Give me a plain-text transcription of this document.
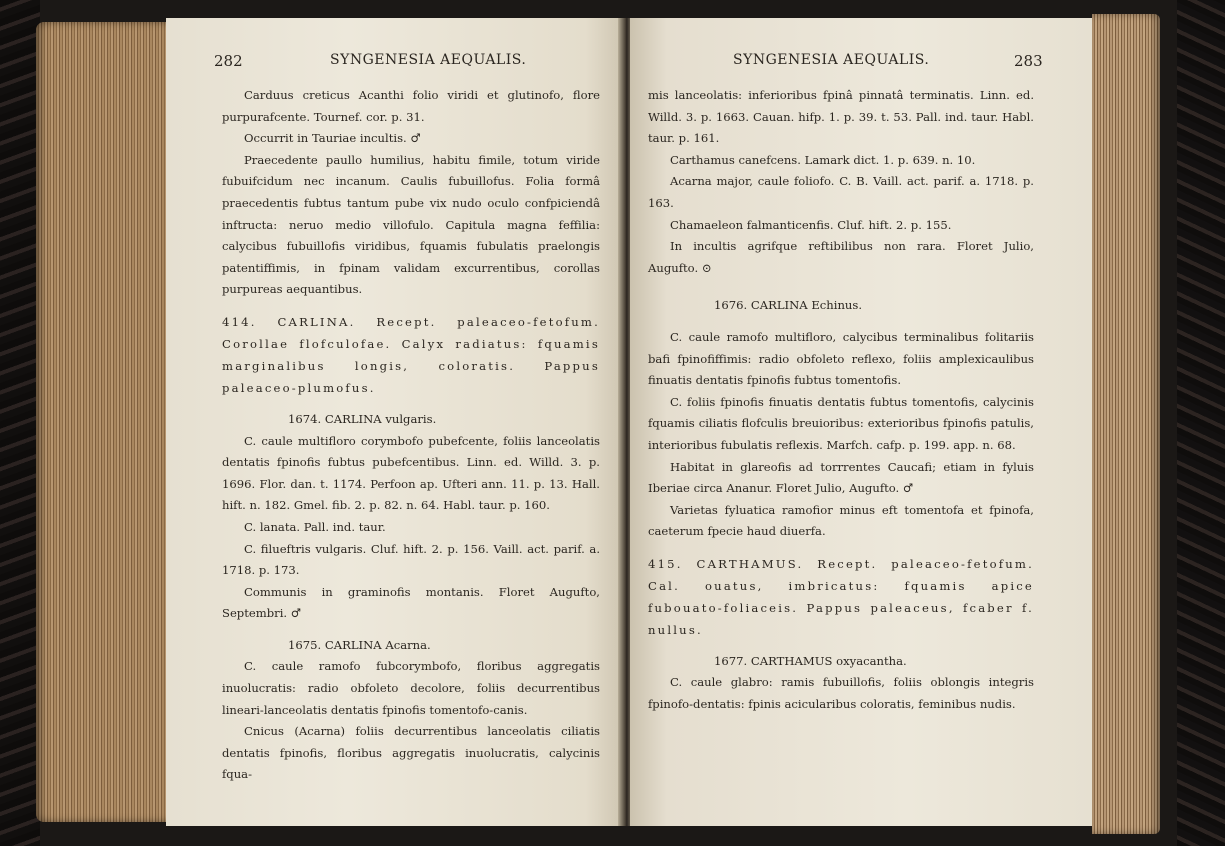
282	SYNGENESIA AEQUALIS.

Carduus creticus Acanthi folio viridi et glutinofo, flore purpurafcente. Tournef. cor. p. 31.

Occurrit in Tauriae incultis. ♂

Praecedente paullo humilius, habitu fimile, totum viride fubuifcidum nec incanum. Caulis fubuillofus. Folia formâ praecedentis fubtus tantum pube vix nudo oculo confpiciendâ inftructa: neruo medio villofulo. Capitula magna feffilia: calycibus fubuillofis viridibus, fquamis fubulatis praelongis patentiffimis, in fpinam validam excurrentibus, corollas purpureas aequantibus.

414. CARLINA. Recept. paleaceo-fetofum. Corollae flofculofae. Calyx radiatus: fquamis marginalibus longis, coloratis. Pappus paleaceo-plumofus.

1674. CARLINA vulgaris.

C. caule multifloro corymbofo pubefcente, foliis lanceolatis dentatis fpinofis fubtus pubefcentibus. Linn. ed. Willd. 3. p. 1696. Flor. dan. t. 1174. Perfoon ap. Ufteri ann. 11. p. 13. Hall. hift. n. 182. Gmel. fib. 2. p. 82. n. 64. Habl. taur. p. 160.

C. lanata. Pall. ind. taur.

C. filueftris vulgaris. Cluf. hift. 2. p. 156. Vaill. act. parif. a. 1718. p. 173.

Communis in graminofis montanis. Floret Augufto, Septembri. ♂

1675. CARLINA Acarna.

C. caule ramofo fubcorymbofo, floribus aggregatis inuolucratis: radio obfoleto decolore, foliis decurrentibus lineari-lanceolatis dentatis fpinofis tomentofo-canis.

Cnicus (Acarna) foliis decurrentibus lanceolatis ciliatis dentatis fpinofis, floribus aggregatis inuolucratis, calycinis fqua-

SYNGENESIA AEQUALIS.	283

mis lanceolatis: inferioribus fpinâ pinnatâ terminatis. Linn. ed. Willd. 3. p. 1663. Cauan. hifp. 1. p. 39. t. 53. Pall. ind. taur. Habl. taur. p. 161.

Carthamus canefcens. Lamark dict. 1. p. 639. n. 10.

Acarna major, caule foliofo. C. B. Vaill. act. parif. a. 1718. p. 163.

Chamaeleon falmanticenfis. Cluf. hift. 2. p. 155.

In incultis agrifque reftibilibus non rara. Floret Julio, Augufto. ⊙

1676. CARLINA Echinus.

C. caule ramofo multifloro, calycibus terminalibus folitariis bafi fpinofiffimis: radio obfoleto reflexo, foliis amplexicaulibus finuatis dentatis fpinofis fubtus tomentofis.

C. foliis fpinofis finuatis dentatis fubtus tomentofis, calycinis fquamis ciliatis flofculis breuioribus: exterioribus fpinofis patulis, interioribus fubulatis reflexis. Marfch. cafp. p. 199. app. n. 68.

Habitat in glareofis ad torrrentes Caucafi; etiam in fyluis Iberiae circa Ananur. Floret Julio, Augufto. ♂

Varietas fyluatica ramofior minus eft tomentofa et fpinofa, caeterum fpecie haud diuerfa.

415. CARTHAMUS. Recept. paleaceo-fetofum. Cal. ouatus, imbricatus: fquamis apice fubouato-foliaceis. Pappus paleaceus, fcaber f. nullus.

1677. CARTHAMUS oxyacantha.

C. caule glabro: ramis fubuillofis, foliis oblongis integris fpinofo-dentatis: fpinis acicularibus coloratis, feminibus nudis.
